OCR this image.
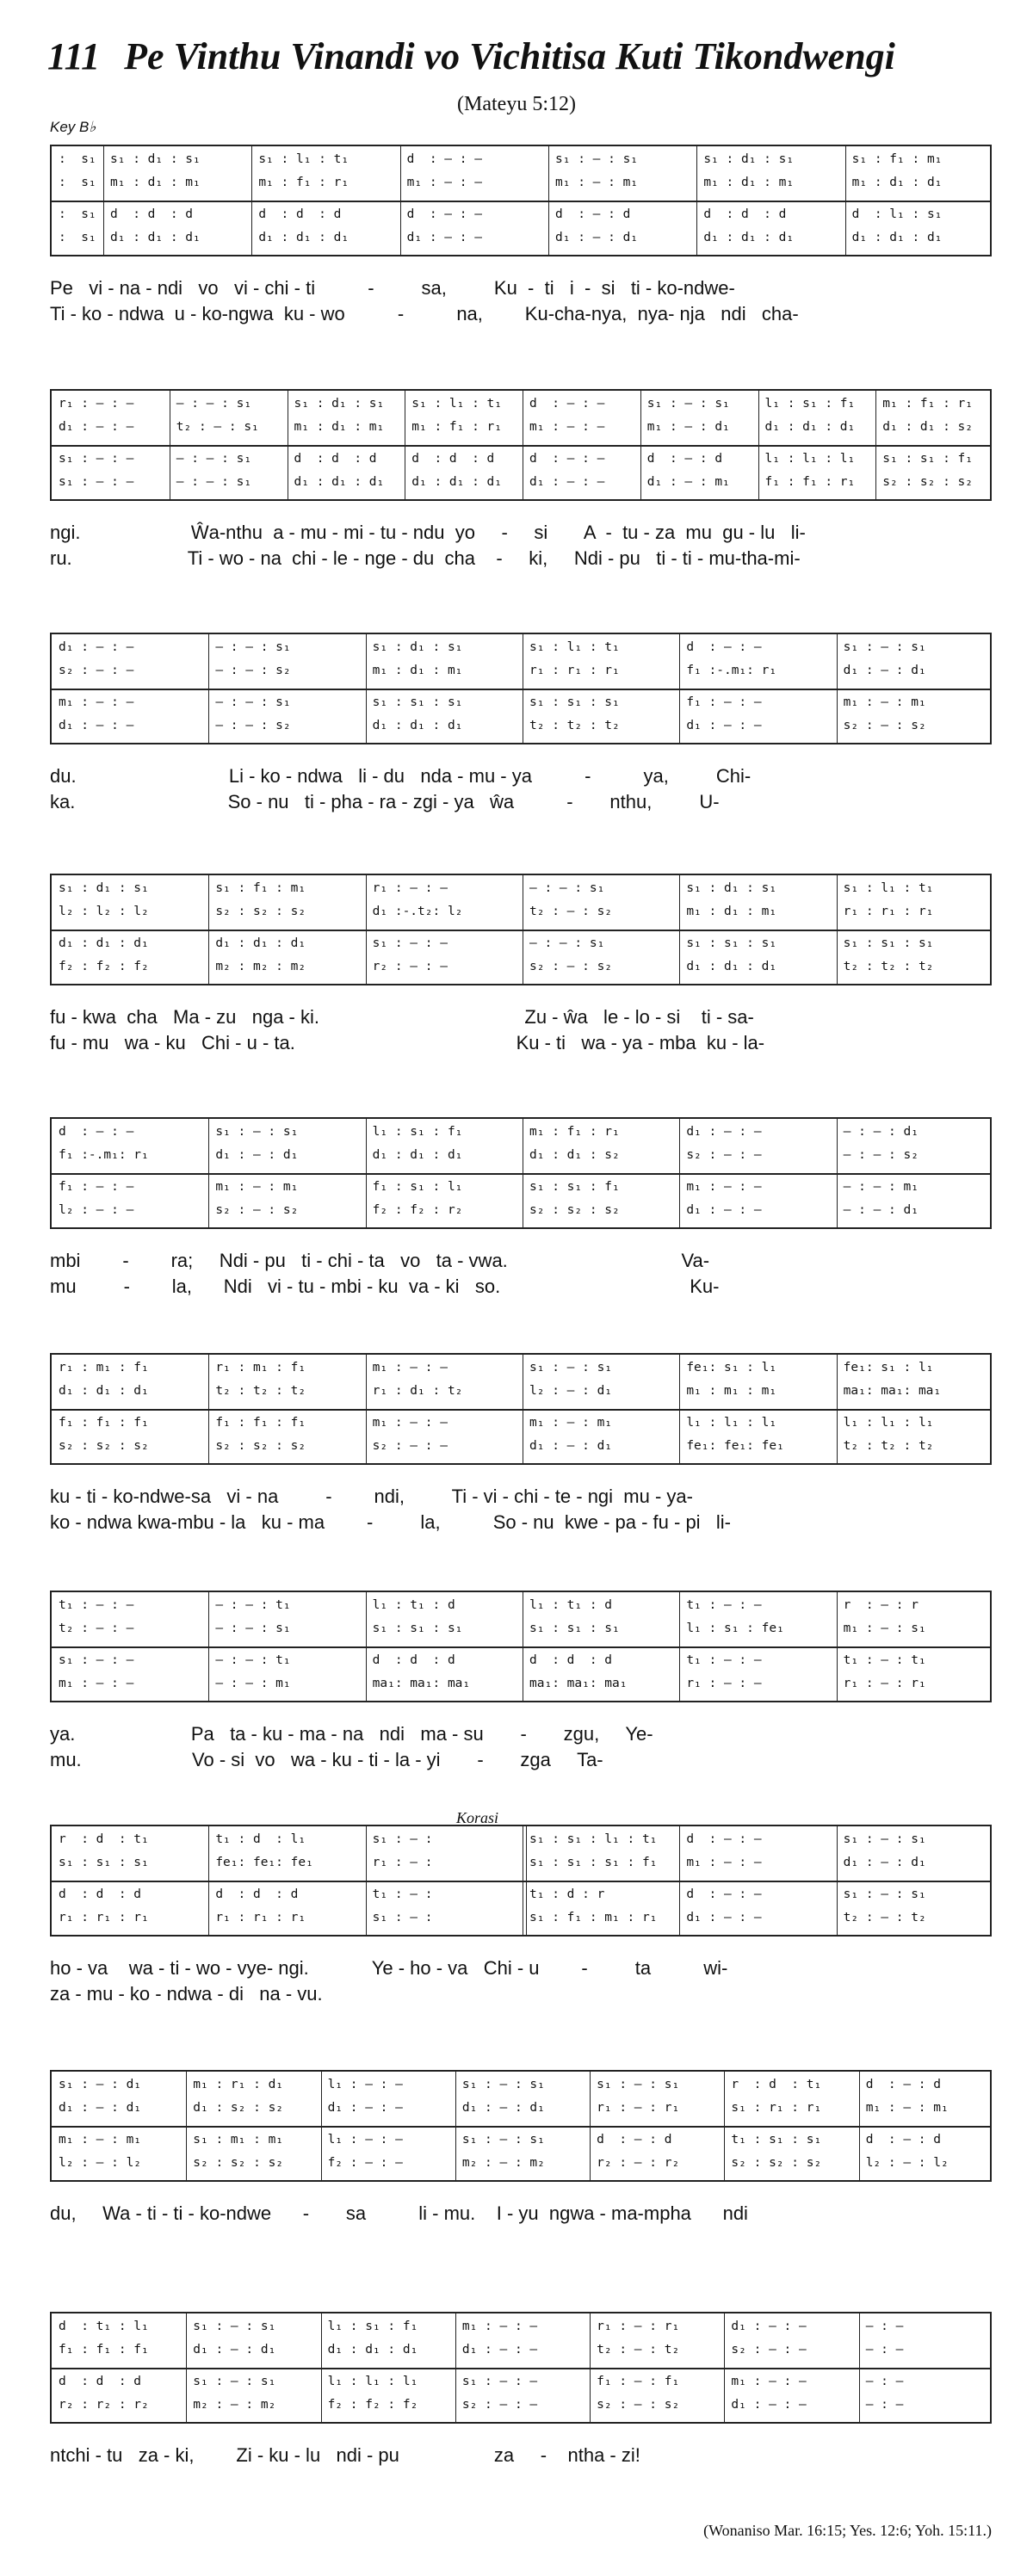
111 Pe Vinthu Vinandi vo Vichitisa Kuti Tikondwengi
(Mateyu 5:12)
Key B♭
Korasi
:  s₁
:  s₁
:  s₁
:  s₁
s₁ : d₁ : s₁
m₁ : d₁ : m₁
d  : d  : d
d₁ : d₁ : d₁
s₁ : l₁ : t₁
m₁ : f₁ : r₁
d  : d  : d
d₁ : d₁ : d₁
d  : — : —
m₁ : — : —
d  : — : —
d₁ : — : —
s₁ : — : s₁
m₁ : — : m₁
d  : — : d
d₁ : — : d₁
s₁ : d₁ : s₁
m₁ : d₁ : m₁
d  : d  : d
d₁ : d₁ : d₁
s₁ : f₁ : m₁
m₁ : d₁ : d₁
d  : l₁ : s₁
d₁ : d₁ : d₁
Pe   vi - na - ndi   vo   vi - chi - ti          -         sa,         Ku  -  ti   i  -  si   ti - ko-ndwe-
Ti - ko - ndwa  u - ko-ngwa  ku - wo          -          na,        Ku-cha-nya,  nya- nja   ndi   cha-
r₁ : — : —
d₁ : — : —
s₁ : — : —
s₁ : — : —
— : — : s₁
t₂ : — : s₁
— : — : s₁
— : — : s₁
s₁ : d₁ : s₁
m₁ : d₁ : m₁
d  : d  : d
d₁ : d₁ : d₁
s₁ : l₁ : t₁
m₁ : f₁ : r₁
d  : d  : d
d₁ : d₁ : d₁
d  : — : —
m₁ : — : —
d  : — : —
d₁ : — : —
s₁ : — : s₁
m₁ : — : d₁
d  : — : d
d₁ : — : m₁
l₁ : s₁ : f₁
d₁ : d₁ : d₁
l₁ : l₁ : l₁
f₁ : f₁ : r₁
m₁ : f₁ : r₁
d₁ : d₁ : s₂
s₁ : s₁ : f₁
s₂ : s₂ : s₂
ngi.                     Ŵa-nthu  a - mu - mi - tu - ndu  yo     -     si       A  -  tu - za  mu  gu - lu   li-
ru.                      Ti - wo - na  chi - le - nge - du  cha    -     ki,     Ndi - pu   ti - ti - mu-tha-mi-
d₁ : — : —
s₂ : — : —
m₁ : — : —
d₁ : — : —
— : — : s₁
— : — : s₂
— : — : s₁
— : — : s₂
s₁ : d₁ : s₁
m₁ : d₁ : m₁
s₁ : s₁ : s₁
d₁ : d₁ : d₁
s₁ : l₁ : t₁
r₁ : r₁ : r₁
s₁ : s₁ : s₁
t₂ : t₂ : t₂
d  : — : —
f₁ :-.m₁: r₁
f₁ : — : —
d₁ : — : —
s₁ : — : s₁
d₁ : — : d₁
m₁ : — : m₁
s₂ : — : s₂
du.                             Li - ko - ndwa   li - du   nda - mu - ya          -          ya,         Chi-
ka.                             So - nu   ti - pha - ra - zgi - ya   ŵa          -       nthu,         U-
s₁ : d₁ : s₁
l₂ : l₂ : l₂
d₁ : d₁ : d₁
f₂ : f₂ : f₂
s₁ : f₁ : m₁
s₂ : s₂ : s₂
d₁ : d₁ : d₁
m₂ : m₂ : m₂
r₁ : — : —
d₁ :-.t₂: l₂
s₁ : — : —
r₂ : — : —
— : — : s₁
t₂ : — : s₂
— : — : s₁
s₂ : — : s₂
s₁ : d₁ : s₁
m₁ : d₁ : m₁
s₁ : s₁ : s₁
d₁ : d₁ : d₁
s₁ : l₁ : t₁
r₁ : r₁ : r₁
s₁ : s₁ : s₁
t₂ : t₂ : t₂
fu - kwa  cha   Ma - zu   nga - ki.                                       Zu - ŵa   le - lo - si    ti - sa-
fu - mu   wa - ku   Chi - u - ta.                                          Ku - ti   wa - ya - mba  ku - la-
d  : — : —
f₁ :-.m₁: r₁
f₁ : — : —
l₂ : — : —
s₁ : — : s₁
d₁ : — : d₁
m₁ : — : m₁
s₂ : — : s₂
l₁ : s₁ : f₁
d₁ : d₁ : d₁
f₁ : s₁ : l₁
f₂ : f₂ : r₂
m₁ : f₁ : r₁
d₁ : d₁ : s₂
s₁ : s₁ : f₁
s₂ : s₂ : s₂
d₁ : — : —
s₂ : — : —
m₁ : — : —
d₁ : — : —
— : — : d₁
— : — : s₂
— : — : m₁
— : — : d₁
mbi        -        ra;     Ndi - pu   ti - chi - ta   vo   ta - vwa.                                 Va-
mu         -        la,      Ndi   vi - tu - mbi - ku  va - ki   so.                                    Ku-
r₁ : m₁ : f₁
d₁ : d₁ : d₁
f₁ : f₁ : f₁
s₂ : s₂ : s₂
r₁ : m₁ : f₁
t₂ : t₂ : t₂
f₁ : f₁ : f₁
s₂ : s₂ : s₂
m₁ : — : —
r₁ : d₁ : t₂
m₁ : — : —
s₂ : — : —
s₁ : — : s₁
l₂ : — : d₁
m₁ : — : m₁
d₁ : — : d₁
fe₁: s₁ : l₁
m₁ : m₁ : m₁
l₁ : l₁ : l₁
fe₁: fe₁: fe₁
fe₁: s₁ : l₁
ma₁: ma₁: ma₁
l₁ : l₁ : l₁
t₂ : t₂ : t₂
ku - ti - ko-ndwe-sa   vi - na         -        ndi,         Ti - vi - chi - te - ngi  mu - ya-
ko - ndwa kwa-mbu - la   ku - ma        -         la,          So - nu  kwe - pa - fu - pi   li-
t₁ : — : —
t₂ : — : —
s₁ : — : —
m₁ : — : —
— : — : t₁
— : — : s₁
— : — : t₁
— : — : m₁
l₁ : t₁ : d
s₁ : s₁ : s₁
d  : d  : d
ma₁: ma₁: ma₁
l₁ : t₁ : d
s₁ : s₁ : s₁
d  : d  : d
ma₁: ma₁: ma₁
t₁ : — : —
l₁ : s₁ : fe₁
t₁ : — : —
r₁ : — : —
r  : — : r
m₁ : — : s₁
t₁ : — : t₁
r₁ : — : r₁
ya.                      Pa   ta - ku - ma - na   ndi   ma - su       -       zgu,     Ye-
mu.                     Vo - si  vo   wa - ku - ti - la - yi       -       zga     Ta-
r  : d  : t₁
s₁ : s₁ : s₁
d  : d  : d
r₁ : r₁ : r₁
t₁ : d  : l₁
fe₁: fe₁: fe₁
d  : d  : d
r₁ : r₁ : r₁
s₁ : — :
r₁ : — :
t₁ : — :
s₁ : — :
s₁ : s₁ : l₁ : t₁
s₁ : s₁ : s₁ : f₁
t₁ : d : r
s₁ : f₁ : m₁ : r₁
d  : — : —
m₁ : — : —
d  : — : —
d₁ : — : —
s₁ : — : s₁
d₁ : — : d₁
s₁ : — : s₁
t₂ : — : t₂
ho - va    wa - ti - wo - vye- ngi.            Ye - ho - va   Chi - u        -         ta          wi-
za - mu - ko - ndwa - di   na - vu.
s₁ : — : d₁
d₁ : — : d₁
m₁ : — : m₁
l₂ : — : l₂
m₁ : r₁ : d₁
d₁ : s₂ : s₂
s₁ : m₁ : m₁
s₂ : s₂ : s₂
l₁ : — : —
d₁ : — : —
l₁ : — : —
f₂ : — : —
s₁ : — : s₁
d₁ : — : d₁
s₁ : — : s₁
m₂ : — : m₂
s₁ : — : s₁
r₁ : — : r₁
d  : — : d
r₂ : — : r₂
r  : d  : t₁
s₁ : r₁ : r₁
t₁ : s₁ : s₁
s₂ : s₂ : s₂
d  : — : d
m₁ : — : m₁
d  : — : d
l₂ : — : l₂
du,     Wa - ti - ti - ko-ndwe      -       sa          li - mu.    I - yu  ngwa - ma-mpha      ndi
d  : t₁ : l₁
f₁ : f₁ : f₁
d  : d  : d
r₂ : r₂ : r₂
s₁ : — : s₁
d₁ : — : d₁
s₁ : — : s₁
m₂ : — : m₂
l₁ : s₁ : f₁
d₁ : d₁ : d₁
l₁ : l₁ : l₁
f₂ : f₂ : f₂
m₁ : — : —
d₁ : — : —
s₁ : — : —
s₂ : — : —
r₁ : — : r₁
t₂ : — : t₂
f₁ : — : f₁
s₂ : — : s₂
d₁ : — : —
s₂ : — : —
m₁ : — : —
d₁ : — : —
— : —
— : —
— : —
— : —
ntchi - tu   za - ki,        Zi - ku - lu   ndi - pu                  za     -    ntha - zi!
(Wonaniso Mar. 16:15; Yes. 12:6; Yoh. 15:11.)
